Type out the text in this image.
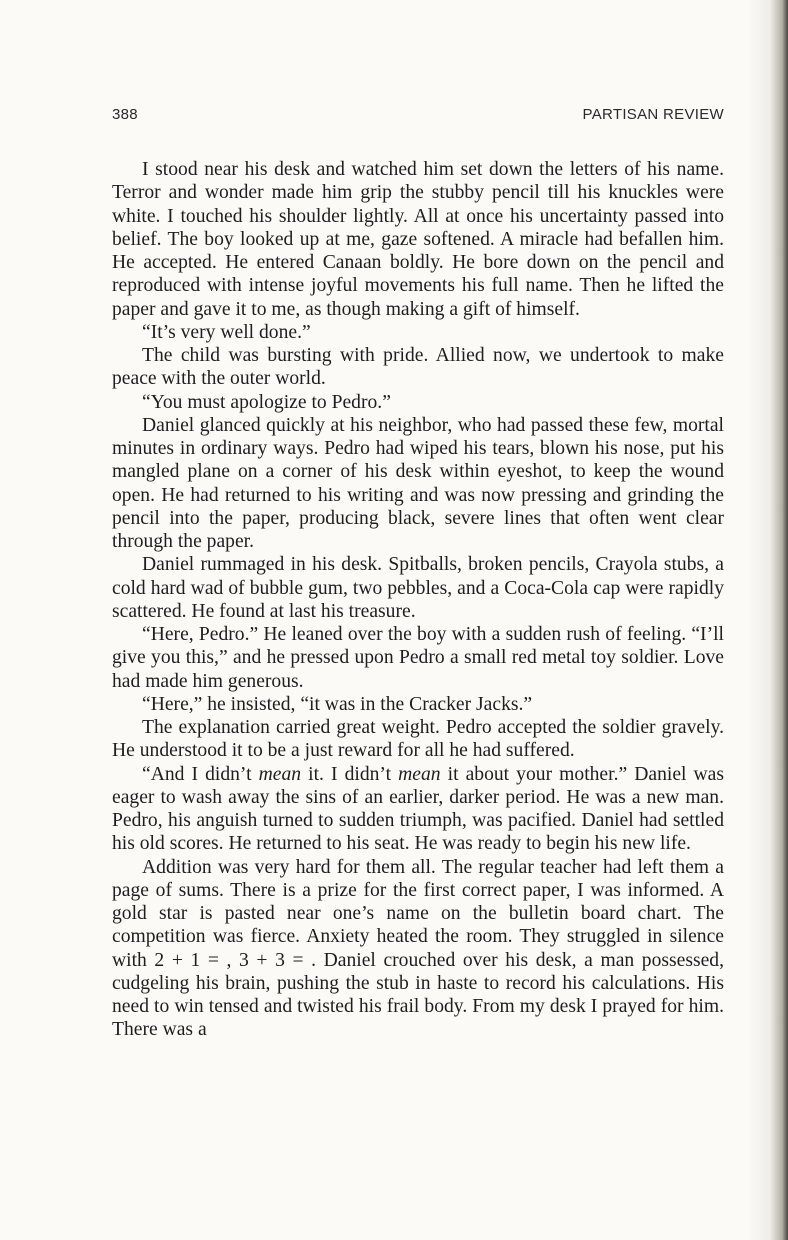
388	PARTISAN REVIEW

I stood near his desk and watched him set down the letters of his name. Terror and wonder made him grip the stubby pencil till his knuckles were white. I touched his shoulder lightly. All at once his uncertainty passed into belief. The boy looked up at me, gaze softened. A miracle had befallen him. He accepted. He entered Canaan boldly. He bore down on the pencil and reproduced with intense joyful movements his full name. Then he lifted the paper and gave it to me, as though making a gift of himself.

“It’s very well done.”

The child was bursting with pride. Allied now, we undertook to make peace with the outer world.

“You must apologize to Pedro.”

Daniel glanced quickly at his neighbor, who had passed these few, mortal minutes in ordinary ways. Pedro had wiped his tears, blown his nose, put his mangled plane on a corner of his desk within eyeshot, to keep the wound open. He had returned to his writing and was now pressing and grinding the pencil into the paper, producing black, severe lines that often went clear through the paper.

Daniel rummaged in his desk. Spitballs, broken pencils, Crayola stubs, a cold hard wad of bubble gum, two pebbles, and a Coca-Cola cap were rapidly scattered. He found at last his treasure.

“Here, Pedro.” He leaned over the boy with a sudden rush of feeling. “I’ll give you this,” and he pressed upon Pedro a small red metal toy soldier. Love had made him generous.

“Here,” he insisted, “it was in the Cracker Jacks.”

The explanation carried great weight. Pedro accepted the soldier gravely. He understood it to be a just reward for all he had suffered.

“And I didn’t mean it. I didn’t mean it about your mother.” Daniel was eager to wash away the sins of an earlier, darker period. He was a new man. Pedro, his anguish turned to sudden triumph, was pacified. Daniel had settled his old scores. He returned to his seat. He was ready to begin his new life.

Addition was very hard for them all. The regular teacher had left them a page of sums. There is a prize for the first correct paper, I was informed. A gold star is pasted near one’s name on the bulletin board chart. The competition was fierce. Anxiety heated the room. They struggled in silence with 2 + 1 = , 3 + 3 = . Daniel crouched over his desk, a man possessed, cudgeling his brain, pushing the stub in haste to record his calculations. His need to win tensed and twisted his frail body. From my desk I prayed for him. There was a
